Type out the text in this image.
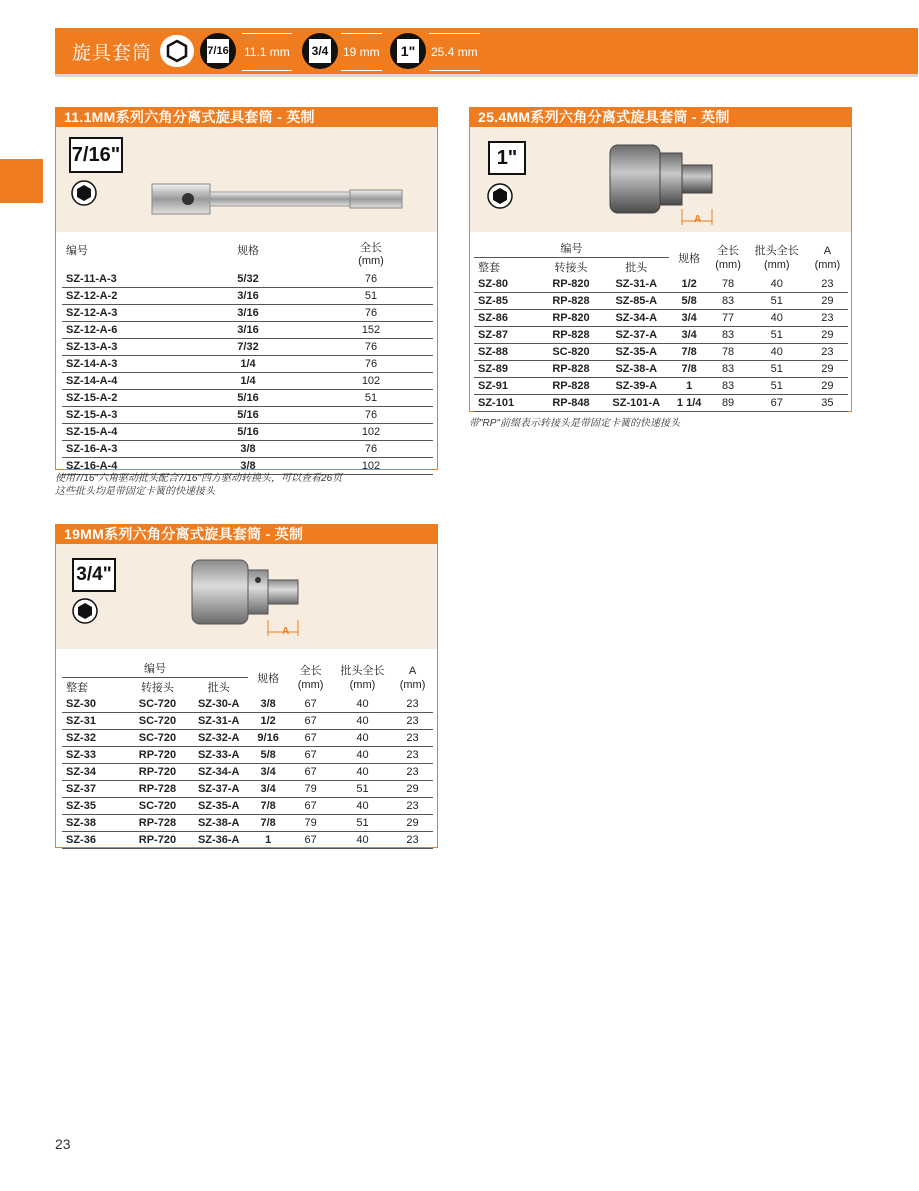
旋具套筒	7/16 11.1 mm 3/4 19 mm 1"	25.4 mm
11.1MM系列六角分离式旋具套筒 - 英制
7/16"
编号	规格	全长
(mm)
SZ-11-A-3	5/32	76
SZ-12-A-2	3/16	51
SZ-12-A-3	3/16	76
SZ-12-A-6	3/16	152
SZ-13-A-3	7/32	76
SZ-14-A-3	1/4	76
SZ-14-A-4	1/4	102
SZ-15-A-2	5/16	51
SZ-15-A-3	5/16	76
SZ-15-A-4	5/16	102
SZ-16-A-3	3/8	76
SZ-16-A-4	3/8	102
使用7/16"六角驱动批头配合7/16"四方驱动转换头，可以查看26页
这些批头均是带固定卡簧的快速接头
19MM系列六角分离式旋具套筒 - 英制
3/4"
A
编号			规格	全长
(mm)	批头全长
(mm)	A
(mm)
整套	转接头	批头				
SZ-30	SC-720	SZ-30-A	3/8	67	40	23
SZ-31	SC-720	SZ-31-A	1/2	67	40	23
SZ-32	SC-720	SZ-32-A	9/16	67	40	23
SZ-33	RP-720	SZ-33-A	5/8	67	40	23
SZ-34	RP-720	SZ-34-A	3/4	67	40	23
SZ-37	RP-728	SZ-37-A	3/4	79	51	29
SZ-35	SC-720	SZ-35-A	7/8	67	40	23
SZ-38	RP-728	SZ-38-A	7/8	79	51	29
SZ-36	RP-720	SZ-36-A	1	67	40	23
25.4MM系列六角分离式旋具套筒 - 英制
1"
A
编号			规格	全长
(mm)	批头全长
(mm)	A
(mm)
整套	转接头	批头				
SZ-80	RP-820	SZ-31-A	1/2	78	40	23
SZ-85	RP-828	SZ-85-A	5/8	83	51	29
SZ-86	RP-820	SZ-34-A	3/4	77	40	23
SZ-87	RP-828	SZ-37-A	3/4	83	51	29
SZ-88	SC-820	SZ-35-A	7/8	78	40	23
SZ-89	RP-828	SZ-38-A	7/8	83	51	29
SZ-91	RP-828	SZ-39-A	1	83	51	29
SZ-101	RP-848	SZ-101-A	1 1/4	89	67	35
带"RP"前缀表示转接头是带固定卡簧的快速接头
23
